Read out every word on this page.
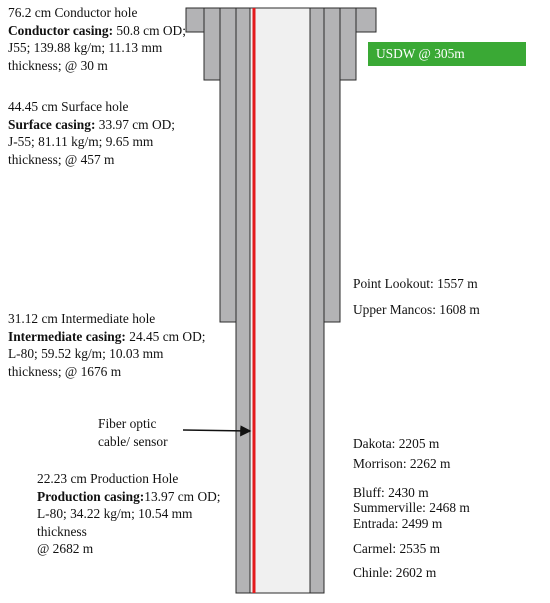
USDW @ 305m
76.2 cm Conductor hole
Conductor casing: 50.8 cm OD;
J55; 139.88 kg/m; 11.13 mm
thickness; @ 30 m
44.45 cm Surface hole
Surface casing: 33.97 cm OD;
J-55; 81.11 kg/m; 9.65 mm
thickness; @ 457 m
31.12 cm Intermediate hole
Intermediate casing: 24.45 cm OD;
L-80; 59.52 kg/m; 10.03 mm
thickness; @ 1676 m
Fiber optic
cable/ sensor
22.23 cm Production Hole
Production casing:13.97 cm OD;
L-80; 34.22 kg/m; 10.54 mm
thickness
@ 2682 m
Point Lookout: 1557 m
Upper Mancos: 1608 m
Dakota: 2205 m
Morrison: 2262 m
Bluff: 2430 m
Summerville: 2468 m
Entrada: 2499 m
Carmel: 2535 m
Chinle: 2602 m
